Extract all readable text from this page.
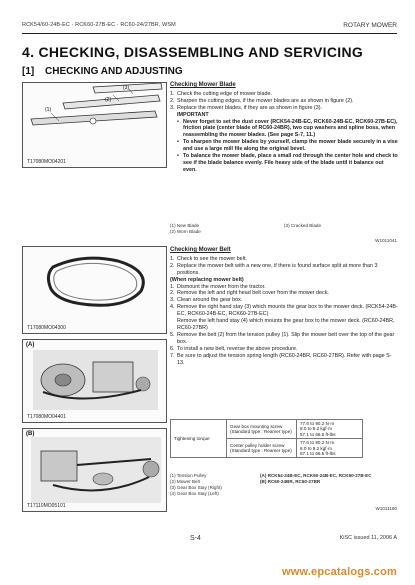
RCK54/60-24B-EC · RCK60-27B-EC · RC60-24/27BR, WSM	ROTARY MOWER
4. CHECKING, DISASSEMBLING AND SERVICING
[1] CHECKING AND ADJUSTING
(1)
(2)
(3)
T17080MO04201
Checking Mower Blade
1. Check the cutting edge of mower blade.
2. Sharpen the cutting edges, if the mower blades are as shown in figure (2).
3. Replace the mower blades, if they are as shown in figure (3).
IMPORTANT
• Never forget to set the dust cover (RCK54-24B-EC, RCK60-24B-EC, RCK60-27B-EC), friction plate (center blade of RC60-24BR), two cup washers and spline boss, when reassembling the mower blades. (See page S-7, 11.)
• To sharpen the mower blades by yourself, clamp the mower blade securely in a vise and use a large mill file along the original bevel.
• To balance the mower blade, place a small rod through the center hole and check to see if the blade balance evenly. File heavy side of the blade until it balance out even.
(1) New Blade	(3) Cracked Blade
(2) Worn Blade
W1011041
T17080MO04300
(A)
T17080MO04401
(B)
T17110MO05101
Checking Mower Belt
1. Check to see the mower belt.
2. Replace the mower belt with a new one, if there is found surface split at more than 3 positions.
(When replacing mower belt)
1. Dismount the mower from the tractor.
2. Remove the left and right head belt cover from the mower deck.
3. Clean around the gear box.
4. Remove the right hand stay (3) which mounts the gear box to the mower deck. (RCK54-24B-EC, RCK60-24B-EC, RCK60-27B-EC)
Remove the left hand stay (4) which mounts the gear box to the mower deck. (RC60-24BR, RC60-27BR)
5. Remove the belt (2) from the tension pulley (1). Slip the mower belt over the top of the gear box.
6. To install a new belt, reverse the above procedure.
7. Be sure to adjust the tension spring length (RC60-24BR, RC60-27BR). Refer with page S-13.
Tightening torque	Gear box mounting screw (Standard type : Reamer type)	77.6 to 90.2 N·m
8.0 to 9.2 kgf·m
57.1 to 66.5 ft-lbs
	Center pulley holder screw (Standard type : Reamer type)	77.6 to 90.2 N·m
8.0 to 9.2 kgf·m
57.1 to 66.5 ft-lbs
(1) Tension Pulley	(A) RCK54-24B-EC, RCK60-24B-EC, RCK60-27B-EC
(2) Mower Belt	(B) RC60-24BR, RC60-27BR
(3) Gear Box Stay (Right)
(4) Gear Box Stay (Left)
W1011160
S-4	KiSC issued 11, 2006 A
www.epcatalogs.com
